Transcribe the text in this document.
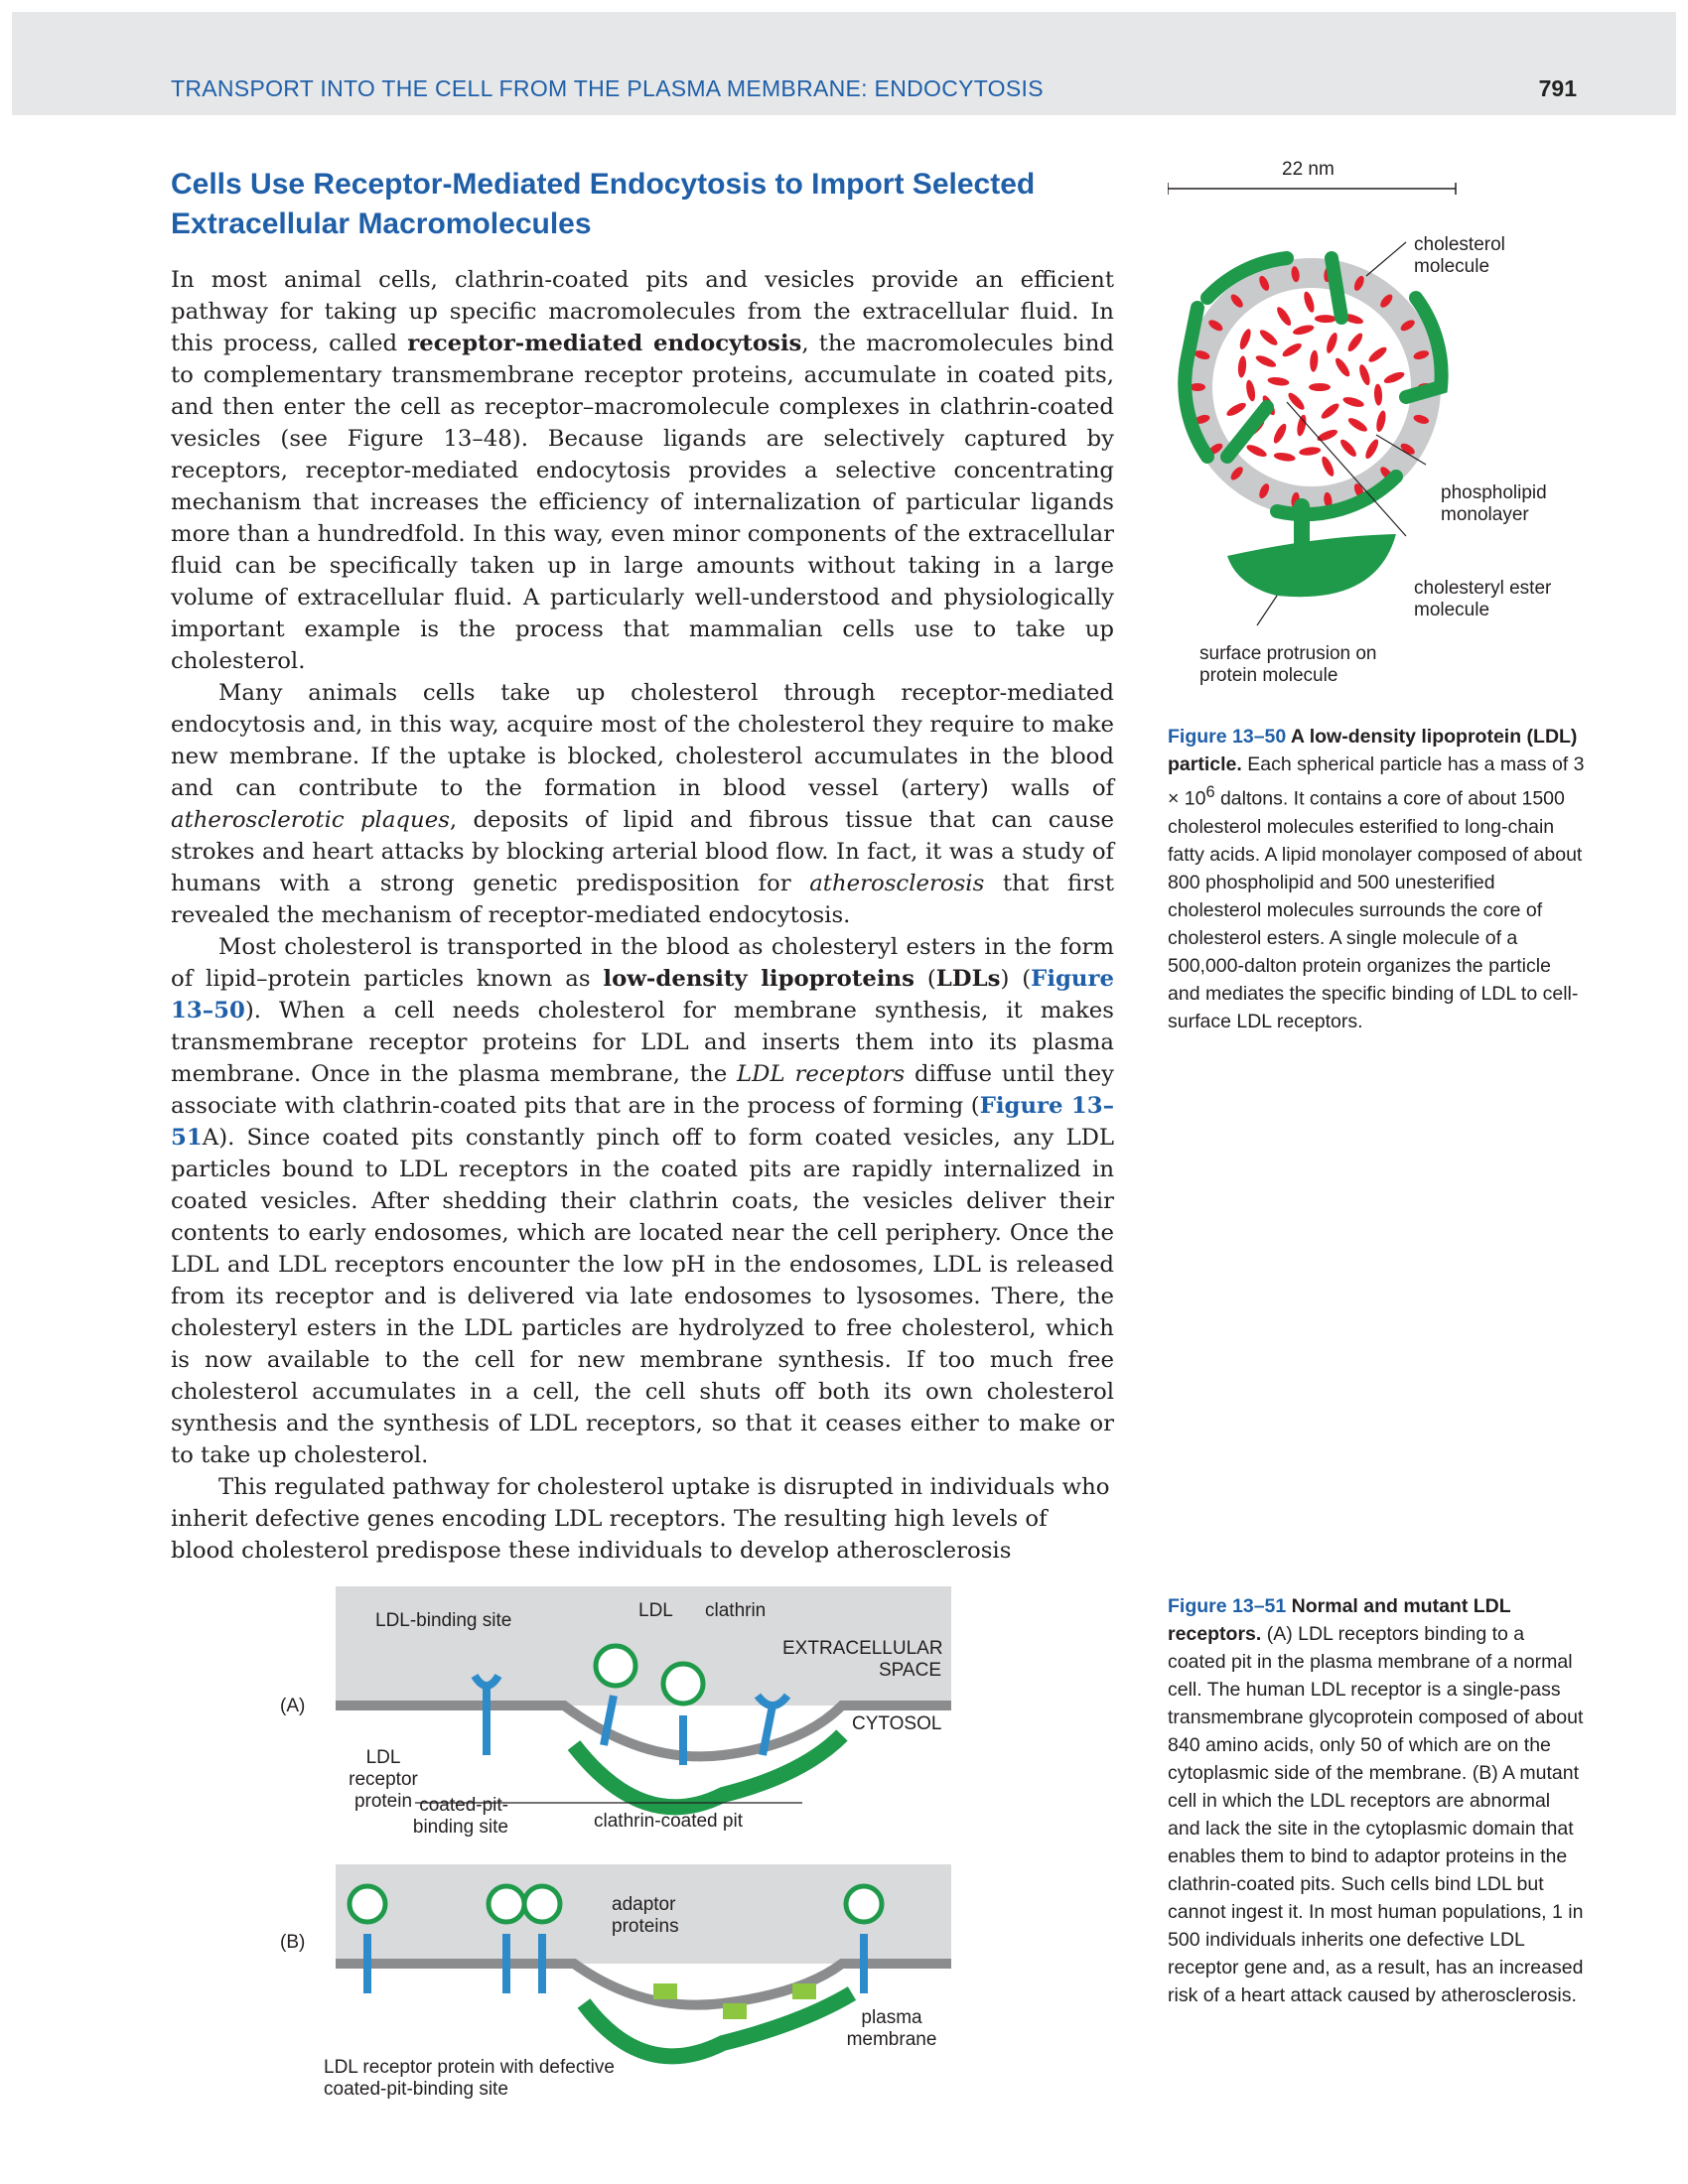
TRANSPORT INTO THE CELL FROM THE PLASMA MEMBRANE: ENDOCYTOSIS	791
Cells Use Receptor-Mediated Endocytosis to Import Selected Extracellular Macromolecules

In most animal cells, clathrin-coated pits and vesicles provide an efficient pathway for taking up specific macromolecules from the extracellular fluid. In this process, called receptor-mediated endocytosis, the macromolecules bind to complementary transmembrane receptor proteins, accumulate in coated pits, and then enter the cell as receptor–macromolecule complexes in clathrin-coated vesicles (see Figure 13–48). Because ligands are selectively captured by receptors, receptor-mediated endocytosis provides a selective concentrating mechanism that increases the efficiency of internalization of particular ligands more than a hundredfold. In this way, even minor components of the extracellular fluid can be specifically taken up in large amounts without taking in a large volume of extracellular fluid. A particularly well-understood and physiologically important example is the process that mammalian cells use to take up cholesterol.

Many animals cells take up cholesterol through receptor-mediated endocytosis and, in this way, acquire most of the cholesterol they require to make new membrane. If the uptake is blocked, cholesterol accumulates in the blood and can contribute to the formation in blood vessel (artery) walls of atherosclerotic plaques, deposits of lipid and fibrous tissue that can cause strokes and heart attacks by blocking arterial blood flow. In fact, it was a study of humans with a strong genetic predisposition for atherosclerosis that first revealed the mechanism of receptor-mediated endocytosis.

Most cholesterol is transported in the blood as cholesteryl esters in the form of lipid–protein particles known as low-density lipoproteins (LDLs) (Figure 13–50). When a cell needs cholesterol for membrane synthesis, it makes transmembrane receptor proteins for LDL and inserts them into its plasma membrane. Once in the plasma membrane, the LDL receptors diffuse until they associate with clathrin-coated pits that are in the process of forming (Figure 13–51A). Since coated pits constantly pinch off to form coated vesicles, any LDL particles bound to LDL receptors in the coated pits are rapidly internalized in coated vesicles. After shedding their clathrin coats, the vesicles deliver their contents to early endosomes, which are located near the cell periphery. Once the LDL and LDL receptors encounter the low pH in the endosomes, LDL is released from its receptor and is delivered via late endosomes to lysosomes. There, the cholesteryl esters in the LDL particles are hydrolyzed to free cholesterol, which is now available to the cell for new membrane synthesis. If too much free cholesterol accumulates in a cell, the cell shuts off both its own cholesterol synthesis and the synthesis of LDL receptors, so that it ceases either to make or to take up cholesterol.

This regulated pathway for cholesterol uptake is disrupted in individuals who inherit defective genes encoding LDL receptors. The resulting high levels of blood cholesterol predispose these individuals to develop atherosclerosis

22 nm
cholesterol molecule
phospholipid monolayer
cholesteryl ester molecule
surface protrusion on protein molecule
Figure 13–50 A low-density lipoprotein (LDL) particle. Each spherical particle has a mass of $3 \times 10^6$ daltons. It contains a core of about 1500 cholesterol molecules esterified to long-chain fatty acids. A lipid monolayer composed of about 800 phospholipid and 500 unesterified cholesterol molecules surrounds the core of cholesterol esters. A single molecule of a 500,000-dalton protein organizes the particle and mediates the specific binding of LDL to cell-surface LDL receptors.
LDL-binding site	LDL clathrin
EXTRACELLULAR SPACE
CYTOSOL
LDL receptor protein coated-pit-binding site	clathrin-coated pit
adaptor proteins
plasma membrane
LDL receptor protein with defective coated-pit-binding site
(A)
(B)
Figure 13–51 Normal and mutant LDL receptors. (A) LDL receptors binding to a coated pit in the plasma membrane of a normal cell. The human LDL receptor is a single-pass transmembrane glycoprotein composed of about 840 amino acids, only 50 of which are on the cytoplasmic side of the membrane. (B) A mutant cell in which the LDL receptors are abnormal and lack the site in the cytoplasmic domain that enables them to bind to adaptor proteins in the clathrin-coated pits. Such cells bind LDL but cannot ingest it. In most human populations, 1 in 500 individuals inherits one defective LDL receptor gene and, as a result, has an increased risk of a heart attack caused by atherosclerosis.
